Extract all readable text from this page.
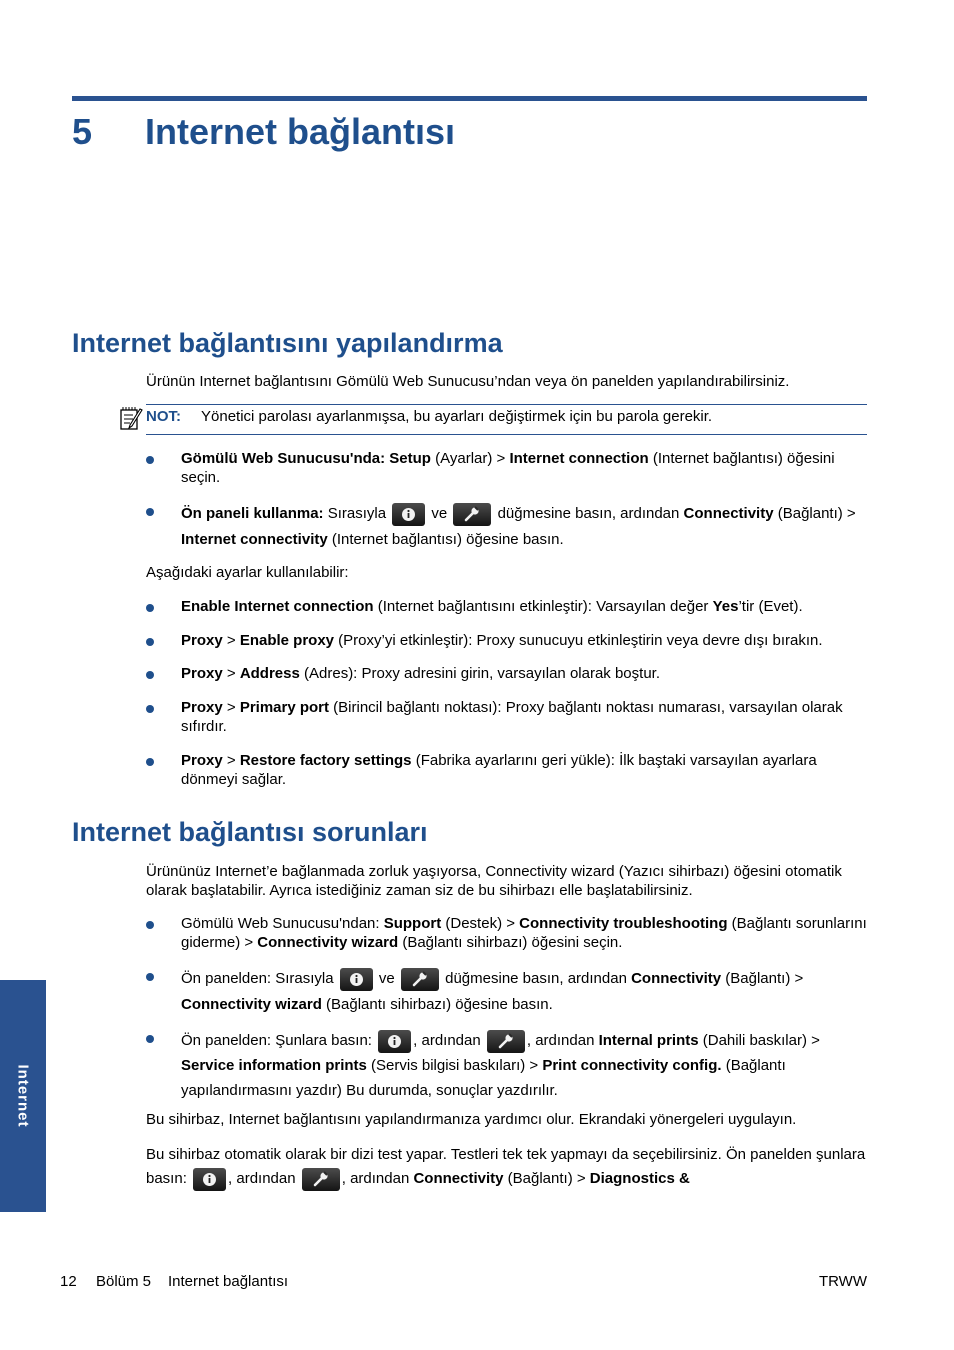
5 Internet bağlantısı
Internet bağlantısını yapılandırma
Ürünün Internet bağlantısını Gömülü Web Sunucusu’ndan veya ön panelden yapılandırabilirsiniz.
NOT: Yönetici parolası ayarlanmışsa, bu ayarları değiştirmek için bu parola gerekir.
Gömülü Web Sunucusu'nda: Setup (Ayarlar) > Internet connection (Internet bağlantısı) öğesini seçin.
Ön paneli kullanma: Sırasıyla
ve	düğmesine basın, ardından Connectivity (Bağlantı) > Internet connectivity (Internet bağlantısı) öğesine basın.
Aşağıdaki ayarlar kullanılabilir:
Enable Internet connection (Internet bağlantısını etkinleştir): Varsayılan değer Yes’tir (Evet).
Proxy > Enable proxy (Proxy’yi etkinleştir): Proxy sunucuyu etkinleştirin veya devre dışı bırakın.
Proxy > Address (Adres): Proxy adresini girin, varsayılan olarak boştur.
Proxy > Primary port (Birincil bağlantı noktası): Proxy bağlantı noktası numarası, varsayılan olarak sıfırdır.
Proxy > Restore factory settings (Fabrika ayarlarını geri yükle): İlk baştaki varsayılan ayarlara dönmeyi sağlar.
Internet bağlantısı sorunları
Ürününüz Internet’e bağlanmada zorluk yaşıyorsa, Connectivity wizard (Yazıcı sihirbazı) öğesini otomatik olarak başlatabilir. Ayrıca istediğiniz zaman siz de bu sihirbazı elle başlatabilirsiniz.
Gömülü Web Sunucusu'ndan: Support (Destek) > Connectivity troubleshooting (Bağlantı sorunlarını giderme) > Connectivity wizard (Bağlantı sihirbazı) öğesini seçin.
Ön panelden: Sırasıyla
ve	düğmesine basın, ardından Connectivity (Bağlantı) > Connectivity wizard (Bağlantı sihirbazı) öğesine basın.
Ön panelden: Şunlara basın:
, ardından	, ardından Internal prints (Dahili baskılar) > Service information prints (Servis bilgisi baskıları) > Print connectivity config. (Bağlantı yapılandırmasını yazdır) Bu durumda, sonuçlar yazdırılır.
Bu sihirbaz, Internet bağlantısını yapılandırmanıza yardımcı olur. Ekrandaki yönergeleri uygulayın.
Bu sihirbaz otomatik olarak bir dizi test yapar. Testleri tek tek yapmayı da seçebilirsiniz. Ön panelden şunlara basın:
, ardından	, ardından Connectivity (Bağlantı) > Diagnostics &
Internet
12 Bölüm 5 Internet bağlantısı	TRWW
